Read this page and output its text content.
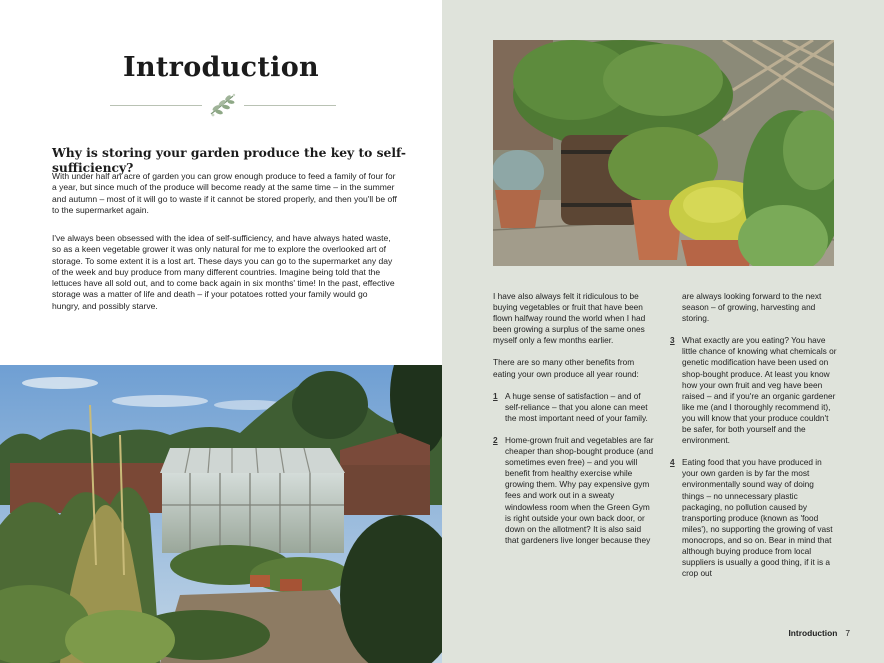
Introduction
Why is storing your garden produce the key to self-sufficiency?

With under half an acre of garden you can grow enough produce to feed a family of four for a year, but since much of the produce will become ready at the same time – in the summer and autumn – most of it will go to waste if it cannot be stored properly, and then you'll be off to the supermarket again.

I've always been obsessed with the idea of self-sufficiency, and have always hated waste, so as a keen vegetable grower it was only natural for me to explore the overlooked art of storage. To some extent it is a lost art. These days you can go to the supermarket any day of the week and buy produce from many different countries. Imagine being told that the lettuces have all sold out, and to come back again in six months' time! In the past, effective storage was a matter of life and death – if your potatoes rotted your family would go hungry, and possibly starve.

I have also always felt it ridiculous to be buying vegetables or fruit that have been flown halfway round the world when I had been growing a surplus of the same ones myself only a few months earlier.

There are so many other benefits from eating your own produce all year round:

1 A huge sense of satisfaction – and of self-reliance – that you alone can meet the most important need of your family.
2 Home-grown fruit and vegetables are far cheaper than shop-bought produce (and sometimes even free) – and you will benefit from healthy exercise while growing them. Why pay expensive gym fees and work out in a sweaty windowless room when the Green Gym is right outside your own back door, or down on the allotment? It is also said that gardeners live longer because they
are always looking forward to the next season – of growing, harvesting and storing.
3 What exactly are you eating? You have little chance of knowing what chemicals or genetic modification have been used on shop-bought produce. At least you know how your own fruit and veg have been raised – and if you're an organic gardener like me (and I thoroughly recommend it), you will know that your produce couldn't be safer, for both yourself and the environment.
4 Eating food that you have produced in your own garden is by far the most environmentally sound way of doing things – no unnecessary plastic packaging, no pollution caused by transporting produce (known as 'food miles'), no supporting the growing of vast monocrops, and so on. Bear in mind that although buying produce from local suppliers is usually a good thing, if it is a crop out
Introduction 7
